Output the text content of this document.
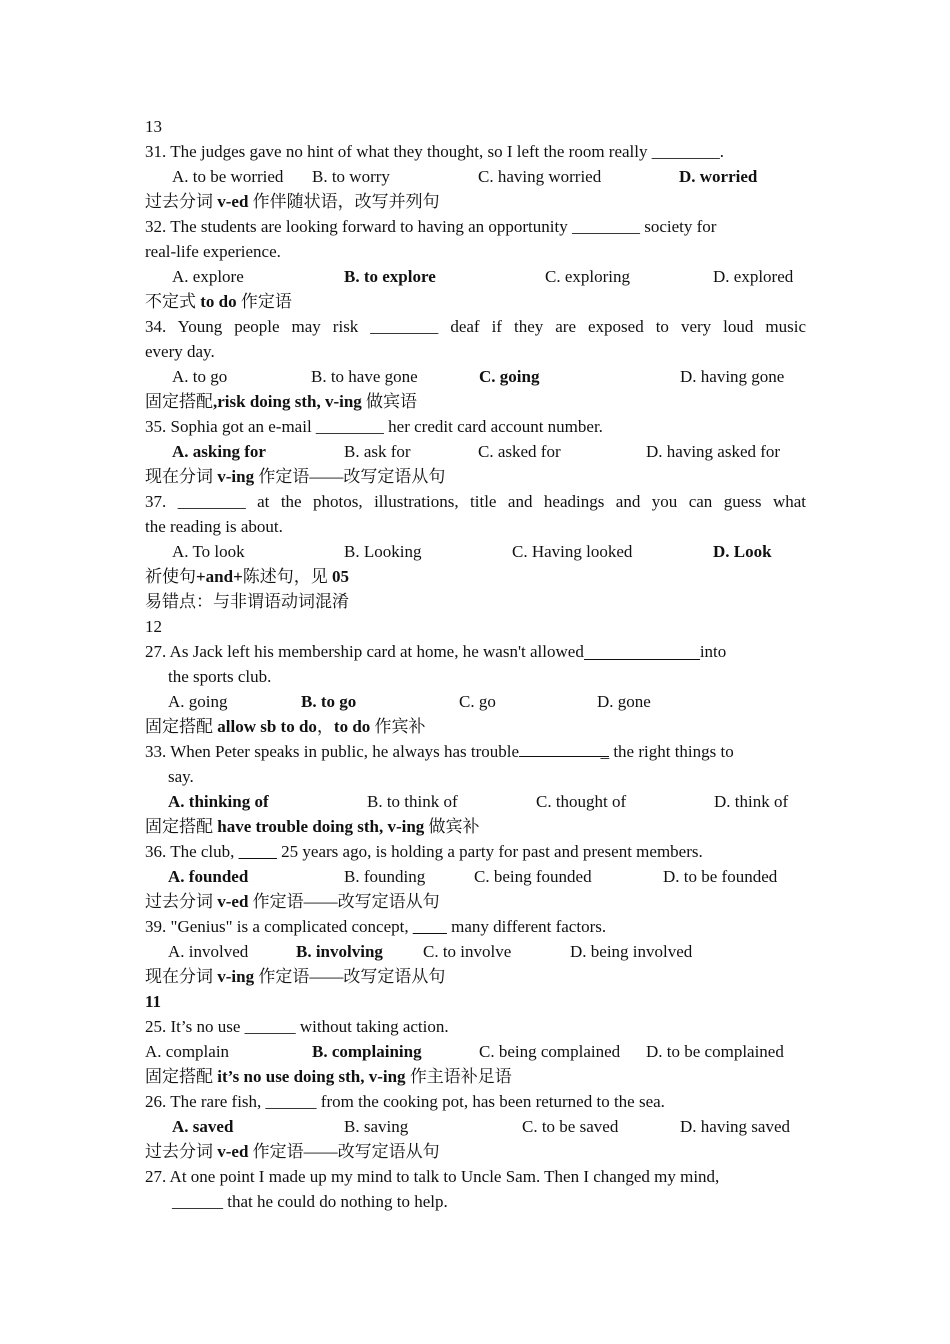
13
31. The judges gave no hint of what they thought, so I left the room really ________.
A. to be worried B. to worry	C. having worried	D. worried
过去分词 v-ed 作伴随状语，改写并列句
32. The students are looking forward to having an opportunity ________ society for
real-life experience.
A. explore	B. to explore	C. exploring	D. explored
不定式 to do 作定语
34. Young people may risk ________ deaf if they are exposed to very loud music
every day.
A. to go	B. to have gone	C. going	D. having gone
固定搭配,risk doing sth, v-ing 做宾语
35. Sophia got an e-mail ________ her credit card account number.
A. asking for	B. ask for	C. asked for	D. having asked for
现在分词 v-ing 作定语——改写定语从句
37. ________ at the photos, illustrations, title and headings and you can guess what
the reading is about.
A. To look	B. Looking	C. Having looked	D. Look
祈使句+and+陈述句，见 05
易错点：与非谓语动词混淆
12
27. As Jack left his membership card at home, he wasn't allowed	into
the sports club.
A. going	B. to go	C. go	D. gone
固定搭配 allow sb to do，to do 作宾补
33. When Peter speaks in public, he always has trouble	_ the right things to
say.
A. thinking of	B. to think of	C. thought of	D. think of
固定搭配 have trouble doing sth, v-ing 做宾补
36. The club, _     _ 25 years ago, is holding a party for past and present members.
A. founded	B. founding	C. being founded	D. to be founded
过去分词 v-ed 作定语——改写定语从句
39. "Genius" is a complicated concept, _    _ many different factors.
A. involved	B. involving C. to involve	D. being involved
现在分词 v-ing 作定语——改写定语从句
11
25. It’s no use ______ without taking action.
A. complain	B. complaining	C. being complained D. to be complained
固定搭配 it’s no use doing sth, v-ing 作主语补足语
26. The rare fish, ______ from the cooking pot, has been returned to the sea.
A. saved	B. saving	C. to be saved	D. having saved
过去分词 v-ed 作定语——改写定语从句
27. At one point I made up my mind to talk to Uncle Sam. Then I changed my mind,
______ that he could do nothing to help.
